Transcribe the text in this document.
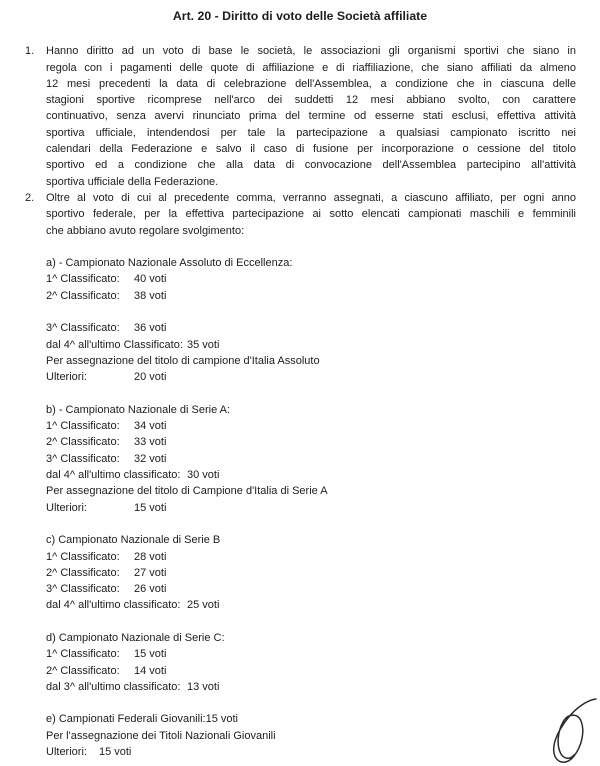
Art. 20 - Diritto di voto delle Società affiliate
1.	Hanno diritto ad un voto di base le società, le associazioni gli organismi sportivi che siano in
regola con i pagamenti delle quote di affiliazione e di riaffiliazione, che siano affiliati da almeno
12 mesi precedenti la data di celebrazione dell'Assemblea, a condizione che in ciascuna delle
stagioni sportive ricomprese nell'arco dei suddetti 12 mesi abbiano svolto, con carattere
continuativo, senza avervi rinunciato prima del termine od esserne stati esclusi, effettiva attività
sportiva ufficiale, intendendosi per tale la partecipazione a qualsiasi campionato iscritto nei
calendari della Federazione e salvo il caso di fusione per incorporazione o cessione del titolo
sportivo ed a condizione che alla data di convocazione dell'Assemblea partecipino all'attività
sportiva ufficiale della Federazione.
2.	Oltre al voto di cui al precedente comma, verranno assegnati, a ciascuno affiliato, per ogni anno
sportivo federale, per la effettiva partecipazione ai sotto elencati campionati maschili e femminili
che abbiano avuto regolare svolgimento:
a) - Campionato Nazionale Assoluto di Eccellenza:
1^ Classificato:	40 voti
2^ Classificato:	38 voti
3^ Classificato:	36 voti
dal 4^ all'ultimo Classificato: 35 voti
Per assegnazione del titolo di campione d'Italia Assoluto
Ulteriori:	20 voti
b) - Campionato Nazionale di Serie A:
1^ Classificato:	34 voti
2^ Classificato:	33 voti
3^ Classificato:	32 voti
dal 4^ all'ultimo classificato: 30 voti
Per assegnazione del titolo di Campione d'Italia di Serie A
Ulteriori:	15 voti
c) Campionato Nazionale di Serie B
1^ Classificato:	28 voti
2^ Classificato:	27 voti
3^ Classificato:	26 voti
dal 4^ all'ultimo classificato: 25 voti
d) Campionato Nazionale di Serie C:
1^ Classificato:	15 voti
2^ Classificato:	14 voti
dal 3^ all'ultimo classificato: 13 voti
e) Campionati Federali Giovanili:15 voti
Per l'assegnazione dei Titoli Nazionali Giovanili
Ulteriori:	15 voti
